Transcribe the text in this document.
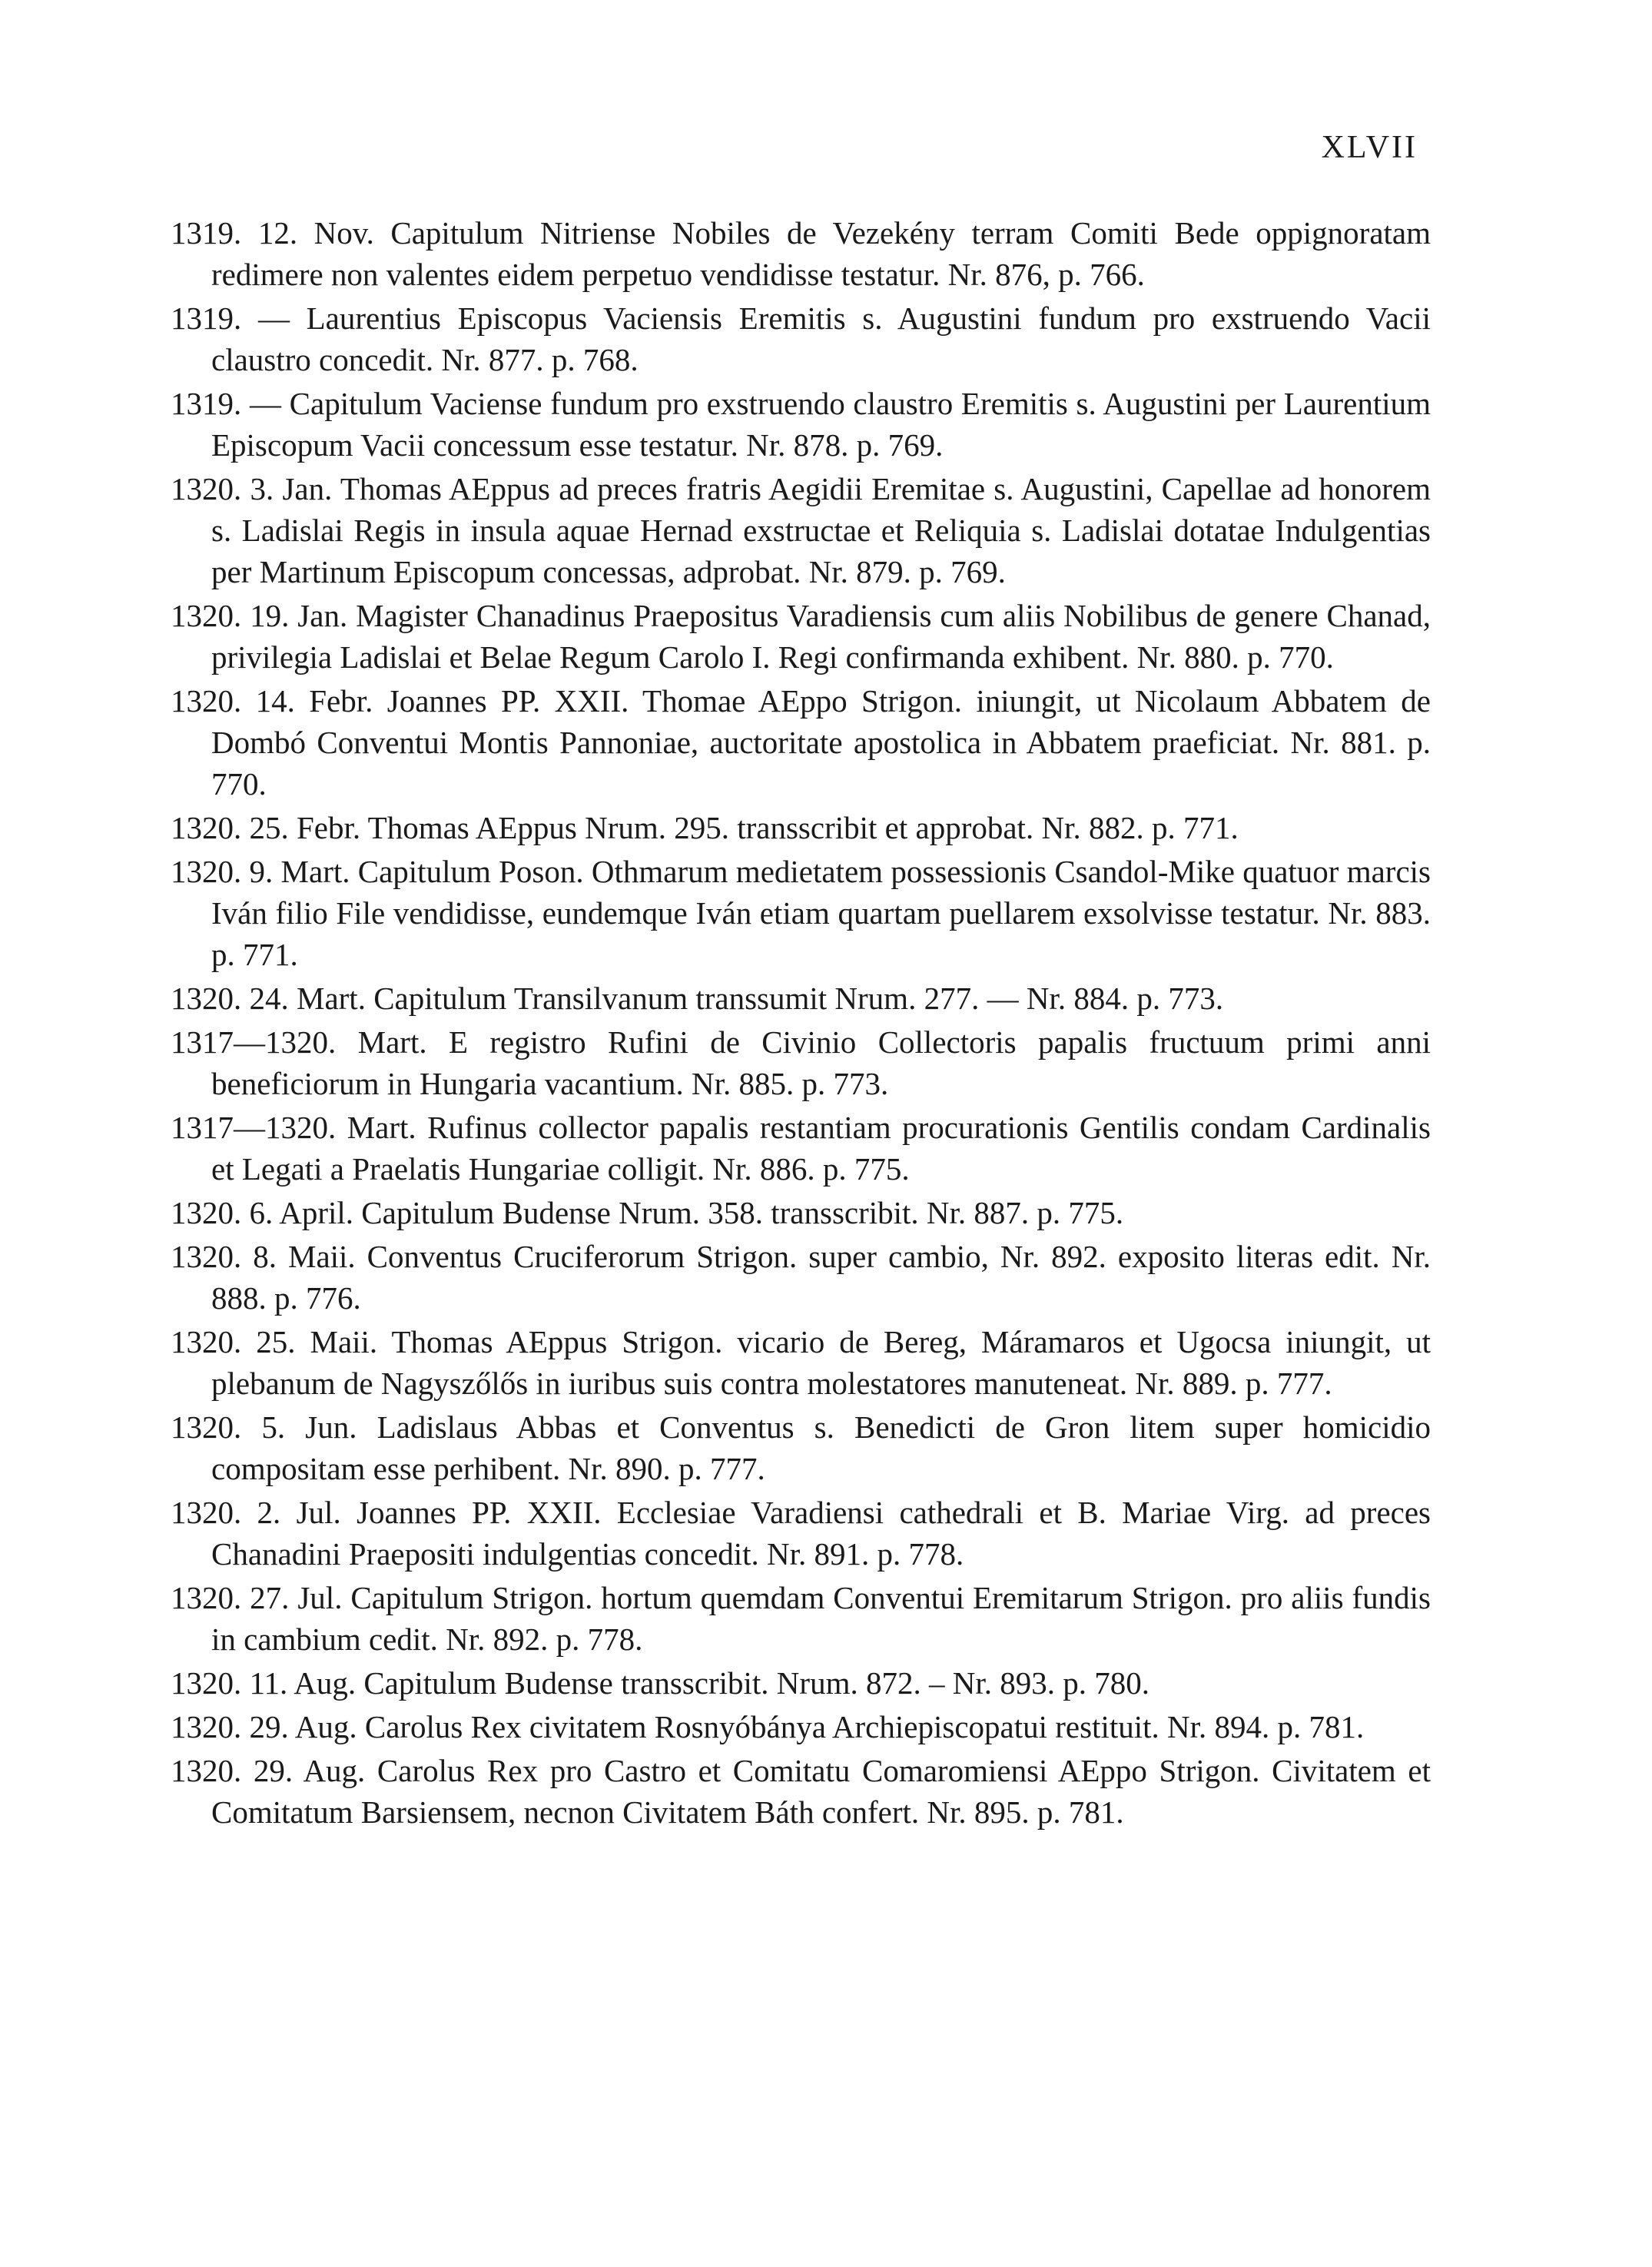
XLVII

1319. 12. Nov. Capitulum Nitriense Nobiles de Vezekény terram Comiti Bede oppignoratam redimere non valentes eidem perpetuo vendidisse testatur. Nr. 876, p. 766.

1319. — Laurentius Episcopus Vaciensis Eremitis s. Augustini fundum pro exstruendo Vacii claustro concedit. Nr. 877. p. 768.

1319. — Capitulum Vaciense fundum pro exstruendo claustro Eremitis s. Augustini per Laurentium Episcopum Vacii concessum esse testatur. Nr. 878. p. 769.

1320. 3. Jan. Thomas AEppus ad preces fratris Aegidii Eremitae s. Augustini, Capellae ad honorem s. Ladislai Regis in insula aquae Hernad exstructae et Reliquia s. Ladislai dotatae Indulgentias per Martinum Episcopum concessas, adprobat. Nr. 879. p. 769.

1320. 19. Jan. Magister Chanadinus Praepositus Varadiensis cum aliis Nobilibus de genere Chanad, privilegia Ladislai et Belae Regum Carolo I. Regi confirmanda exhibent. Nr. 880. p. 770.

1320. 14. Febr. Joannes PP. XXII. Thomae AEppo Strigon. iniungit, ut Nicolaum Abbatem de Dombó Conventui Montis Pannoniae, auctoritate apostolica in Abbatem praeficiat. Nr. 881. p. 770.

1320. 25. Febr. Thomas AEppus Nrum. 295. transscribit et approbat. Nr. 882. p. 771.

1320. 9. Mart. Capitulum Poson. Othmarum medietatem possessionis Csandol-Mike quatuor marcis Iván filio File vendidisse, eundemque Iván etiam quartam puellarem exsolvisse testatur. Nr. 883. p. 771.

1320. 24. Mart. Capitulum Transilvanum transsumit Nrum. 277. — Nr. 884. p. 773.

1317—1320. Mart. E registro Rufini de Civinio Collectoris papalis fructuum primi anni beneficiorum in Hungaria vacantium. Nr. 885. p. 773.

1317—1320. Mart. Rufinus collector papalis restantiam procurationis Gentilis condam Cardinalis et Legati a Praelatis Hungariae colligit. Nr. 886. p. 775.

1320. 6. April. Capitulum Budense Nrum. 358. transscribit. Nr. 887. p. 775.

1320. 8. Maii. Conventus Cruciferorum Strigon. super cambio, Nr. 892. exposito literas edit. Nr. 888. p. 776.

1320. 25. Maii. Thomas AEppus Strigon. vicario de Bereg, Máramaros et Ugocsa iniungit, ut plebanum de Nagyszőlős in iuribus suis contra molestatores manuteneat. Nr. 889. p. 777.

1320. 5. Jun. Ladislaus Abbas et Conventus s. Benedicti de Gron litem super homicidio compositam esse perhibent. Nr. 890. p. 777.

1320. 2. Jul. Joannes PP. XXII. Ecclesiae Varadiensi cathedrali et B. Mariae Virg. ad preces Chanadini Praepositi indulgentias concedit. Nr. 891. p. 778.

1320. 27. Jul. Capitulum Strigon. hortum quemdam Conventui Eremitarum Strigon. pro aliis fundis in cambium cedit. Nr. 892. p. 778.

1320. 11. Aug. Capitulum Budense transscribit. Nrum. 872. – Nr. 893. p. 780.

1320. 29. Aug. Carolus Rex civitatem Rosnyóbánya Archiepiscopatui restituit. Nr. 894. p. 781.

1320. 29. Aug. Carolus Rex pro Castro et Comitatu Comaromiensi AEppo Strigon. Civitatem et Comitatum Barsiensem, necnon Civitatem Báth confert. Nr. 895. p. 781.
